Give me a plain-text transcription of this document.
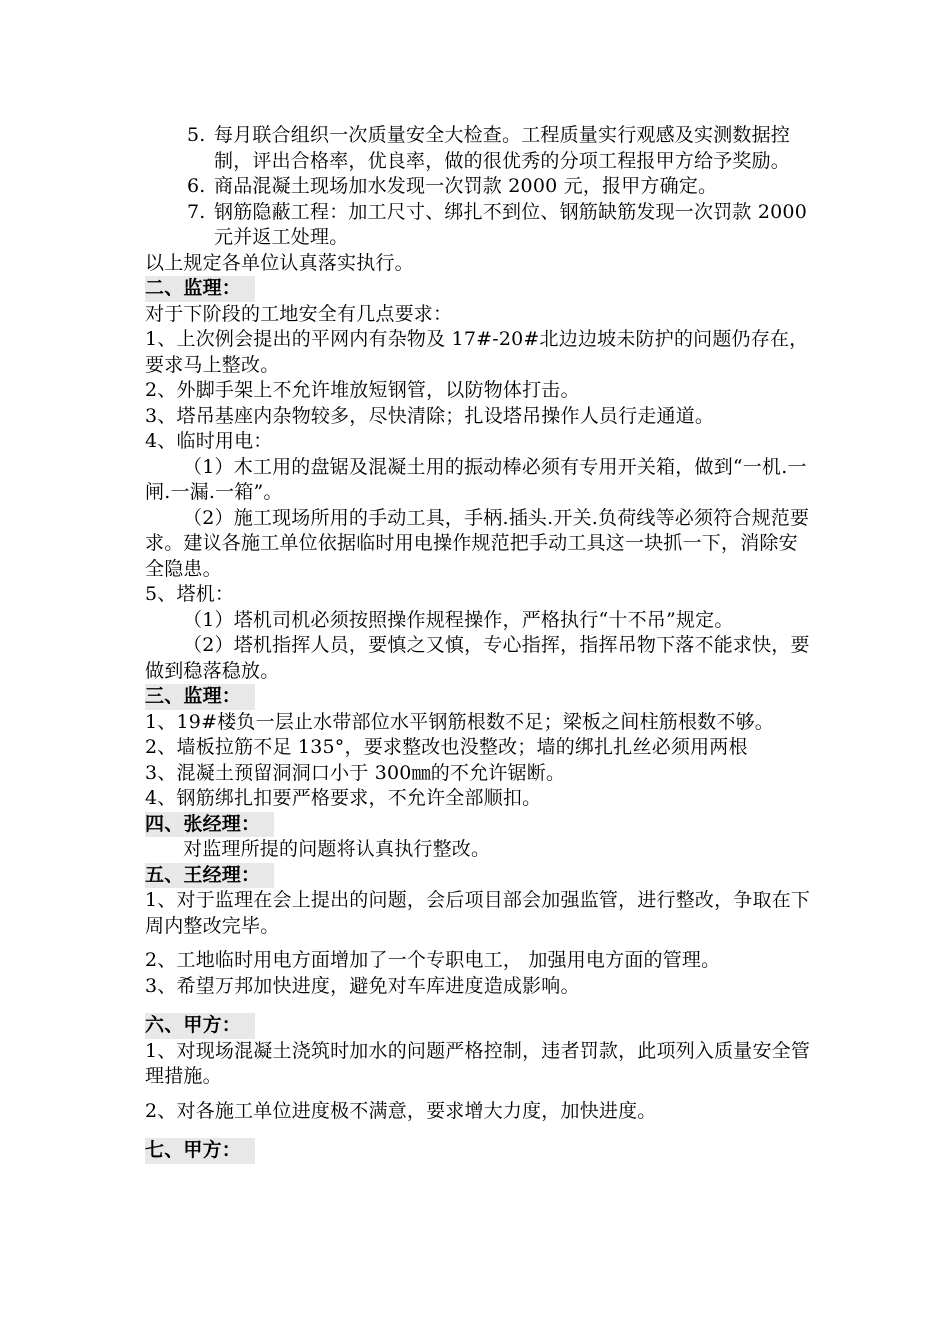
5. 每月联合组织一次质量安全大检查。工程质量实行观感及实测数据控制，评出合格率，优良率，做的很优秀的分项工程报甲方给予奖励。
6. 商品混凝土现场加水发现一次罚款 2000 元，报甲方确定。
7. 钢筋隐蔽工程：加工尺寸、绑扎不到位、钢筋缺筋发现一次罚款 2000 元并返工处理。

以上规定各单位认真落实执行。

二、监理：

对于下阶段的工地安全有几点要求：

1、上次例会提出的平网内有杂物及 17#-20#北边边坡未防护的问题仍存在，要求马上整改。

2、外脚手架上不允许堆放短钢管，以防物体打击。

3、塔吊基座内杂物较多，尽快清除；扎设塔吊操作人员行走通道。

4、临时用电：

（1）木工用的盘锯及混凝土用的振动棒必须有专用开关箱，做到“一机.一闸.一漏.一箱”。

（2）施工现场所用的手动工具，手柄.插头.开关.负荷线等必须符合规范要求。建议各施工单位依据临时用电操作规范把手动工具这一块抓一下，消除安全隐患。

5、塔机：

（1）塔机司机必须按照操作规程操作，严格执行“十不吊”规定。

（2）塔机指挥人员，要慎之又慎，专心指挥，指挥吊物下落不能求快，要做到稳落稳放。

三、监理：

1、19#楼负一层止水带部位水平钢筋根数不足；梁板之间柱筋根数不够。

2、墙板拉筋不足 135°，要求整改也没整改；墙的绑扎扎丝必须用两根

3、混凝土预留洞洞口小于 300㎜的不允许锯断。

4、钢筋绑扎扣要严格要求，不允许全部顺扣。

四、张经理：

对监理所提的问题将认真执行整改。

五、王经理：

1、对于监理在会上提出的问题，会后项目部会加强监管，进行整改，争取在下周内整改完毕。

2、工地临时用电方面增加了一个专职电工， 加强用电方面的管理。

3、希望万邦加快进度，避免对车库进度造成影响。

六、甲方：

1、对现场混凝土浇筑时加水的问题严格控制，违者罚款，此项列入质量安全管理措施。

2、对各施工单位进度极不满意，要求增大力度，加快进度。

七、甲方：
